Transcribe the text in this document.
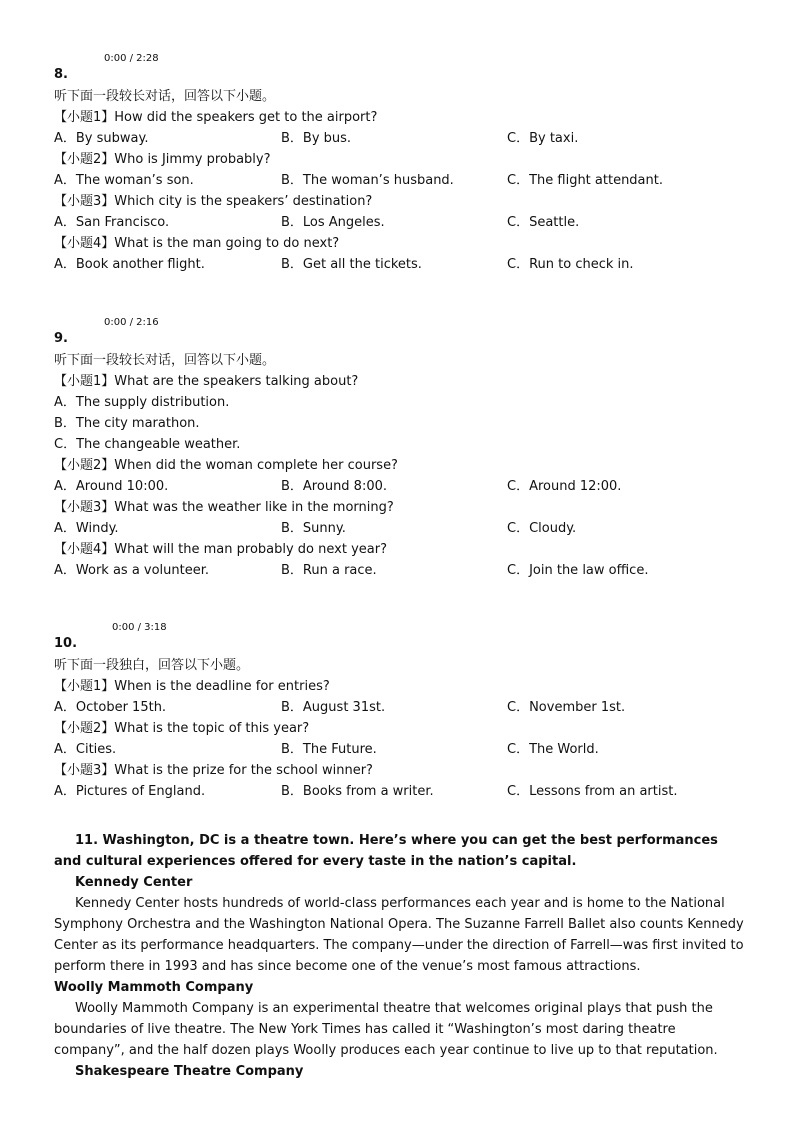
0:00 / 2:28
8.
听下面一段较长对话，回答以下小题。
【小题1】How did the speakers get to the airport?
A．By subway.	B．By bus.	C．By taxi.
【小题2】Who is Jimmy probably?
A．The woman’s son.	B．The woman’s husband.	C．The flight attendant.
【小题3】Which city is the speakers’ destination?
A．San Francisco.	B．Los Angeles.	C．Seattle.
【小题4】What is the man going to do next?
A．Book another flight.	B．Get all the tickets.	C．Run to check in.
0:00 / 2:16
9.
听下面一段较长对话，回答以下小题。
【小题1】What are the speakers talking about?
A．The supply distribution.
B．The city marathon.
C．The changeable weather.
【小题2】When did the woman complete her course?
A．Around 10:00.	B．Around 8:00.	C．Around 12:00.
【小题3】What was the weather like in the morning?
A．Windy.	B．Sunny.	C．Cloudy.
【小题4】What will the man probably do next year?
A．Work as a volunteer.	B．Run a race.	C．Join the law office.
0:00 / 3:18
10.
听下面一段独白，回答以下小题。
【小题1】When is the deadline for entries?
A．October 15th.	B．August 31st.	C．November 1st.
【小题2】What is the topic of this year?
A．Cities.	B．The Future.	C．The World.
【小题3】What is the prize for the school winner?
A．Pictures of England.	B．Books from a writer.	C．Lessons from an artist.
11. Washington, DC is a theatre town. Here’s where you can get the best performances and cultural experiences offered for every taste in the nation’s capital.
Kennedy Center
Kennedy Center hosts hundreds of world-class performances each year and is home to the National Symphony Orchestra and the Washington National Opera. The Suzanne Farrell Ballet also counts Kennedy Center as its performance headquarters. The company—under the direction of Farrell—was first invited to perform there in 1993 and has since become one of the venue’s most famous attractions.
Woolly Mammoth Company
Woolly Mammoth Company is an experimental theatre that welcomes original plays that push the boundaries of live theatre. The New York Times has called it “Washington’s most daring theatre company”, and the half dozen plays Woolly produces each year continue to live up to that reputation.
Shakespeare Theatre Company
